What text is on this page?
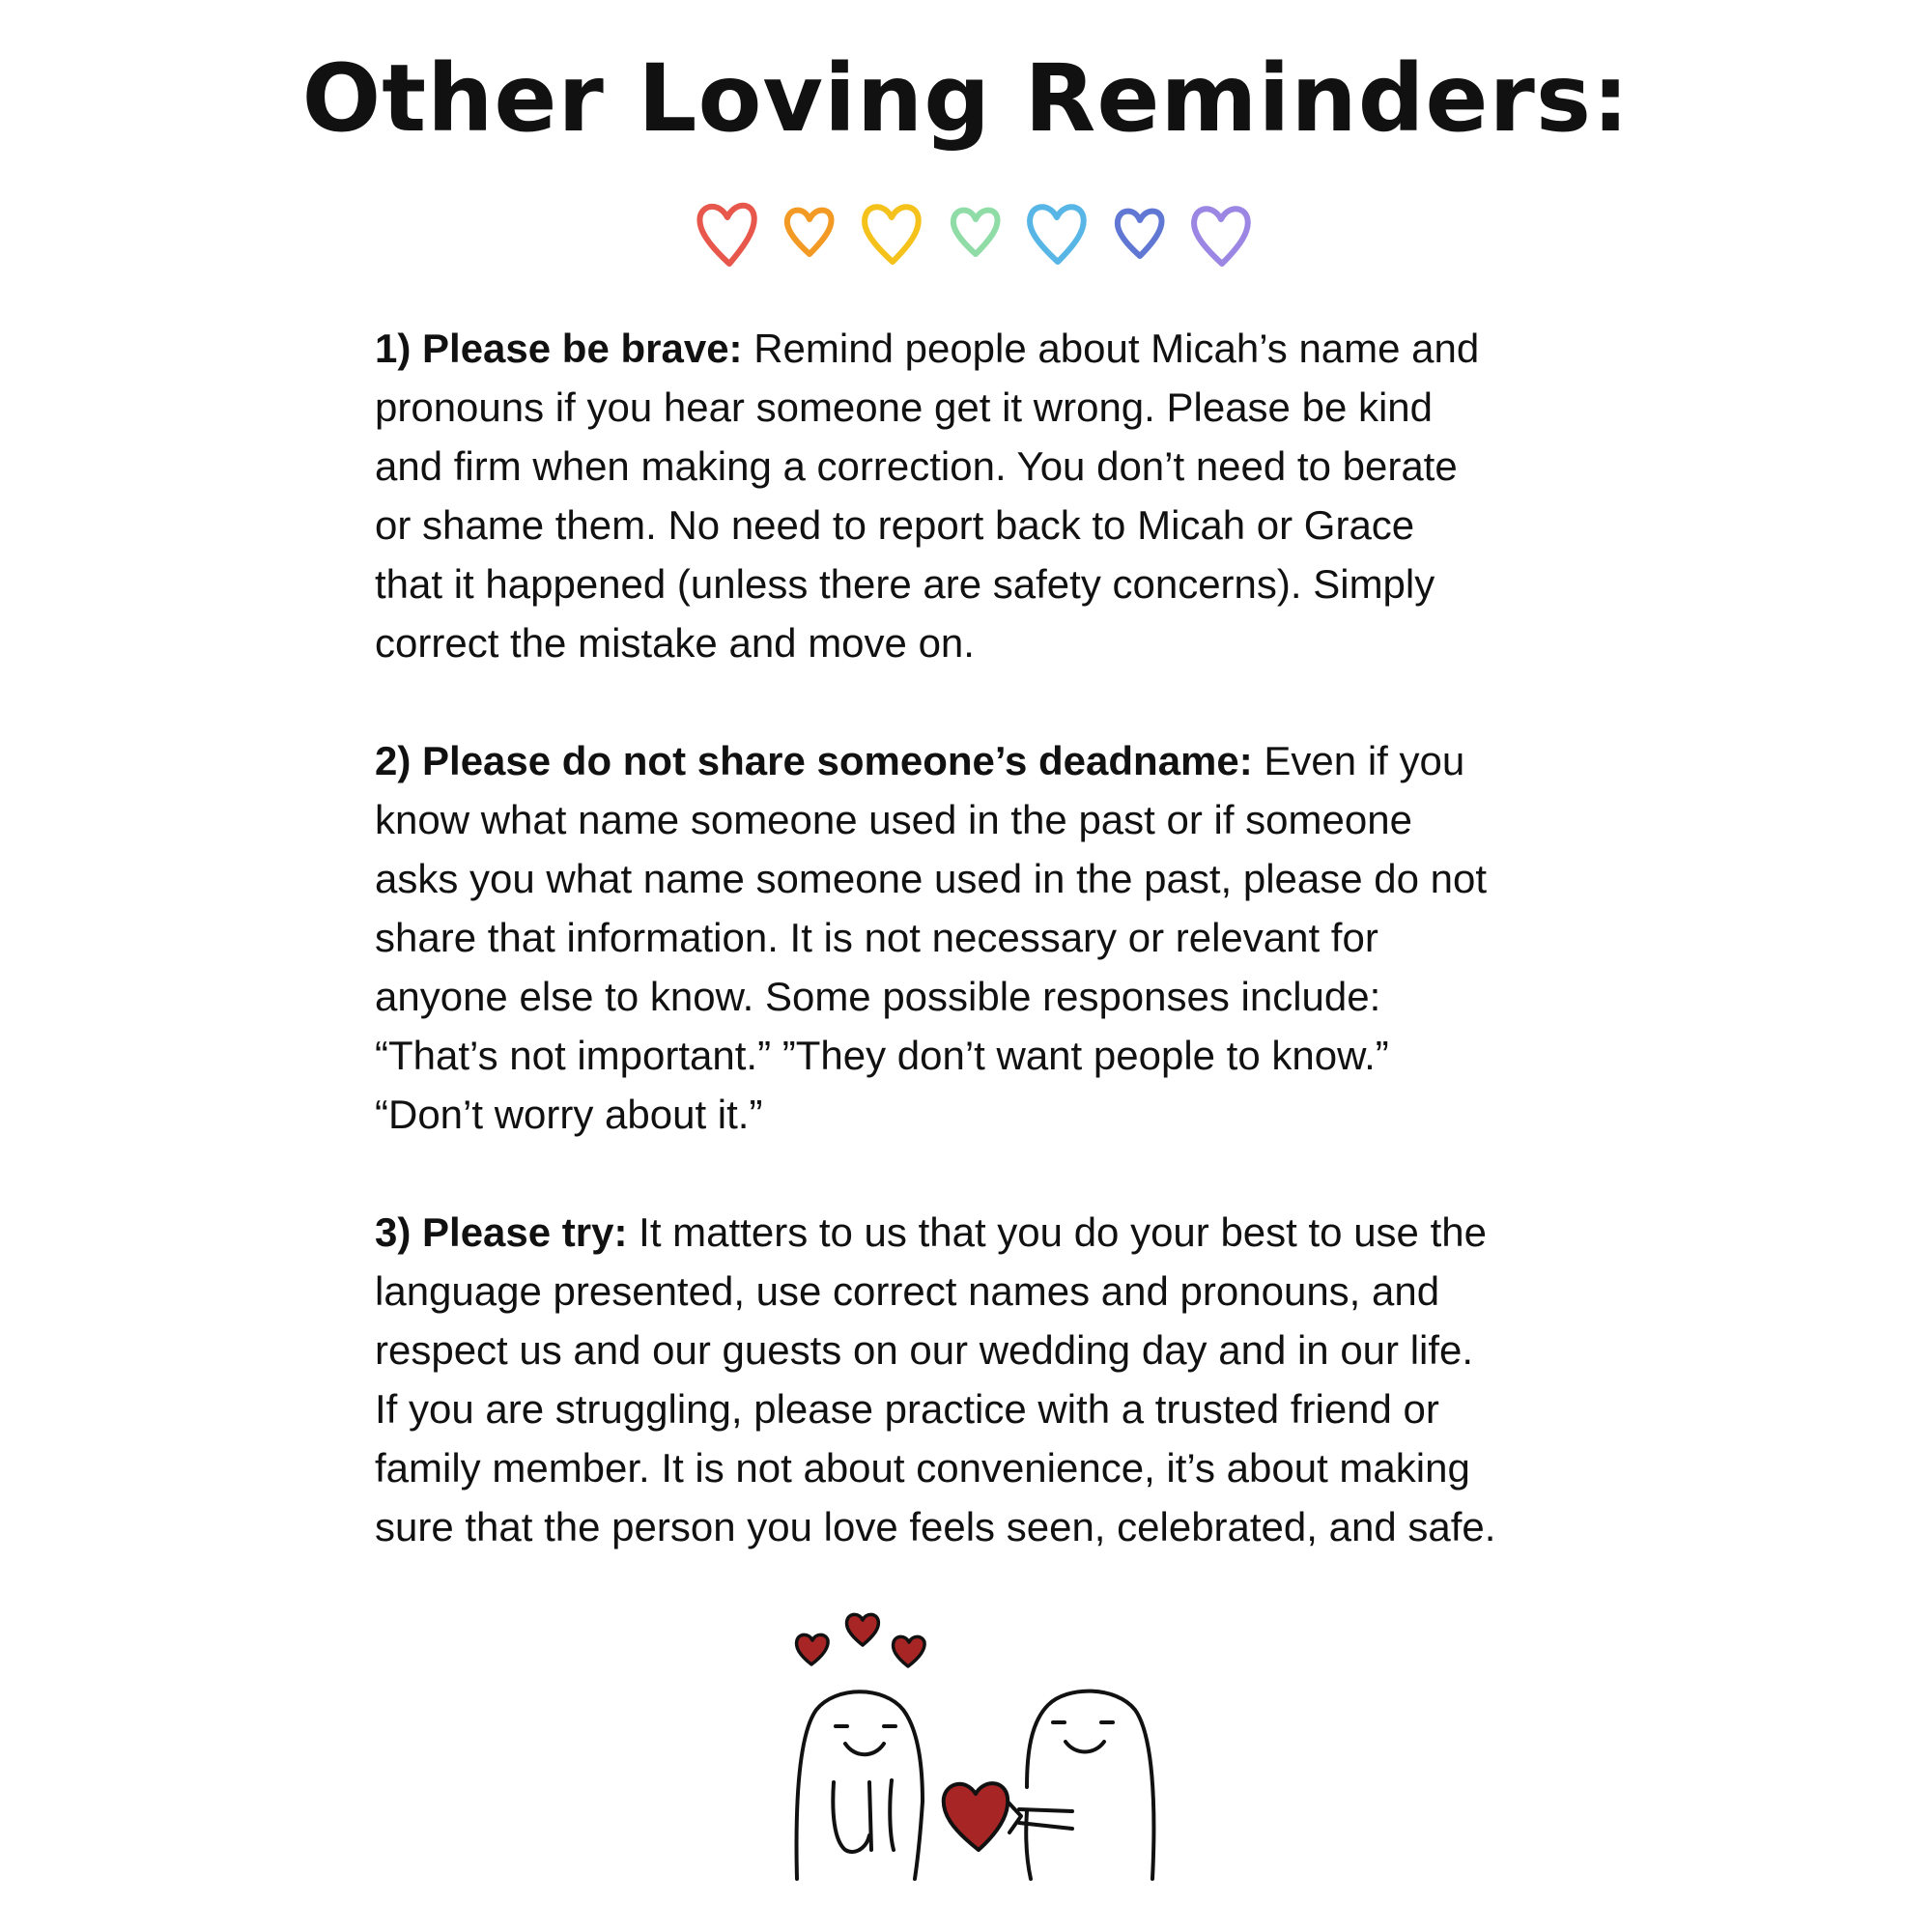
Other Loving Reminders:

1) Please be brave: Remind people about Micah’s name and
pronouns if you hear someone get it wrong. Please be kind
and firm when making a correction. You don’t need to berate
or shame them. No need to report back to Micah or Grace
that it happened (unless there are safety concerns). Simply
correct the mistake and move on.

2) Please do not share someone’s deadname: Even if you
know what name someone used in the past or if someone
asks you what name someone used in the past, please do not
share that information. It is not necessary or relevant for
anyone else to know. Some possible responses include:
“That’s not important.” ”They don’t want people to know.”
“Don’t worry about it.”

3) Please try: It matters to us that you do your best to use the
language presented, use correct names and pronouns, and
respect us and our guests on our wedding day and in our life.
If you are struggling, please practice with a trusted friend or
family member. It is not about convenience, it’s about making
sure that the person you love feels seen, celebrated, and safe.
